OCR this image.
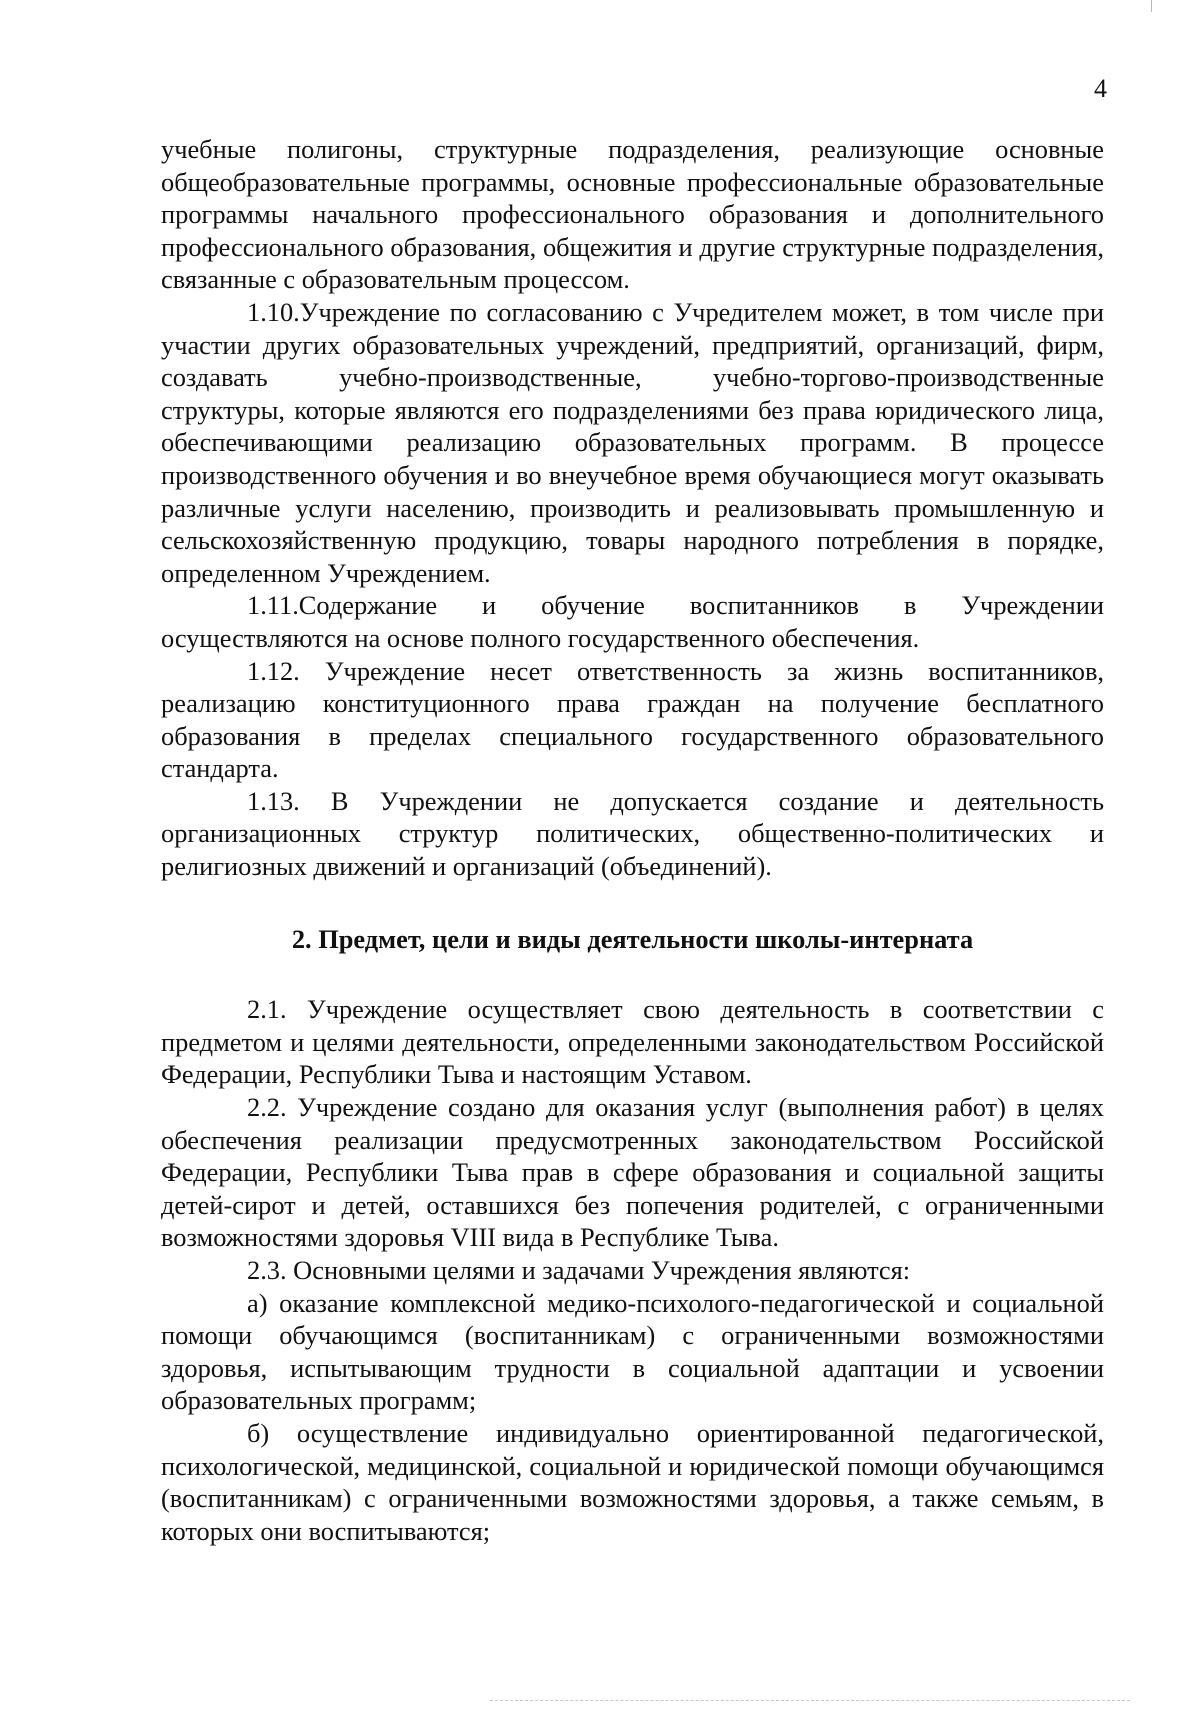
4

учебные полигоны, структурные подразделения, реализующие основные общеобразовательные программы, основные профессиональные образовательные программы начального профессионального образования и дополнительного профессионального образования, общежития и другие структурные подразделения, связанные с образовательным процессом.

1.10.Учреждение по согласованию с Учредителем может, в том числе при участии других образовательных учреждений, предприятий, организаций, фирм, создавать учебно-производственные, учебно-торгово-производственные структуры, которые являются его подразделениями без права юридического лица, обеспечивающими реализацию образовательных программ. В процессе производственного обучения и во внеучебное время обучающиеся могут оказывать различные услуги населению, производить и реализовывать промышленную и сельскохозяйственную продукцию, товары народного потребления в порядке, определенном Учреждением.

1.11.Содержание и обучение воспитанников в Учреждении осуществляются на основе полного государственного обеспечения.

1.12. Учреждение несет ответственность за жизнь воспитанников, реализацию конституционного права граждан на получение бесплатного образования в пределах специального государственного образовательного стандарта.

1.13. В Учреждении не допускается создание и деятельность организационных структур политических, общественно-политических и религиозных движений и организаций (объединений).

2. Предмет, цели и виды деятельности школы-интерната

2.1. Учреждение осуществляет свою деятельность в соответствии с предметом и целями деятельности, определенными законодательством Российской Федерации, Республики Тыва и настоящим Уставом.

2.2. Учреждение создано для оказания услуг (выполнения работ) в целях обеспечения реализации предусмотренных законодательством Российской Федерации, Республики Тыва прав в сфере образования и социальной защиты детей-сирот и детей, оставшихся без попечения родителей, с ограниченными возможностями здоровья VIII вида в Республике Тыва.

2.3. Основными целями и задачами Учреждения являются:

а) оказание комплексной медико-психолого-педагогической и социальной помощи обучающимся (воспитанникам) с ограниченными возможностями здоровья, испытывающим трудности в социальной адаптации и усвоении образовательных программ;

б) осуществление индивидуально ориентированной педагогической, психологической, медицинской, социальной и юридической помощи обучающимся (воспитанникам) с ограниченными возможностями здоровья, а также семьям, в которых они воспитываются;
